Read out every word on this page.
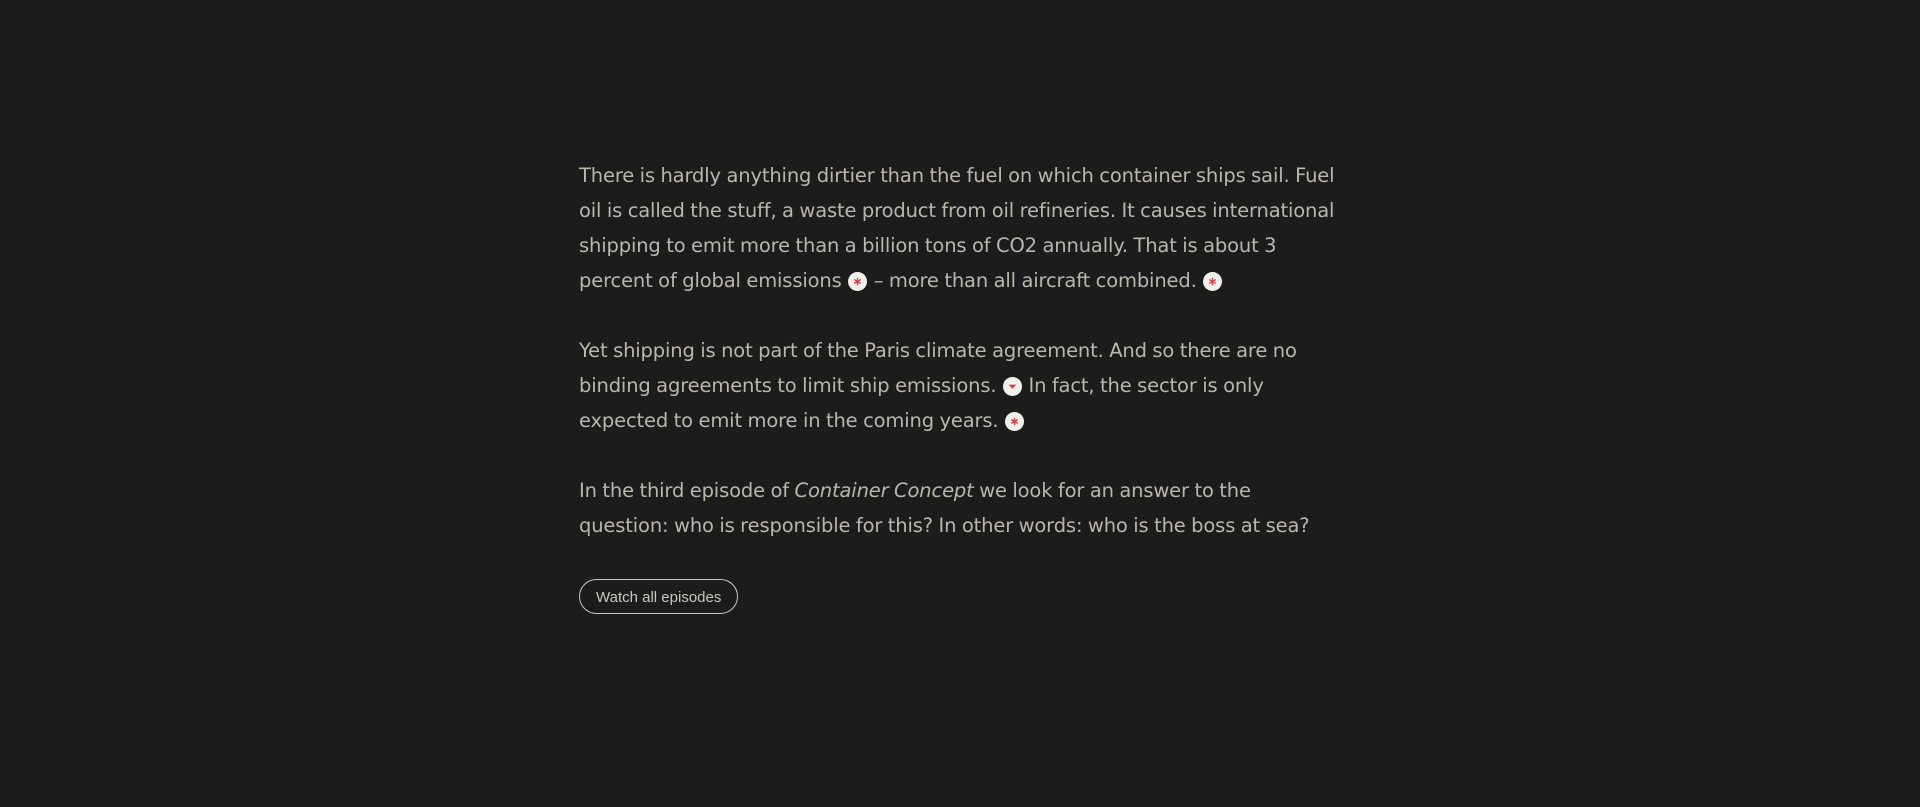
There is hardly anything dirtier than the fuel on which container ships sail. Fuel oil is called the stuff, a waste product from oil refineries. It causes international shipping to emit more than a billion tons of CO2 annually. That is about 3 percent of global emissions
– more than all aircraft combined.

Yet shipping is not part of the Paris climate agreement. And so there are no binding agreements to limit ship emissions.
In fact, the sector is only expected to emit more in the coming years.

In the third episode of Container Concept we look for an answer to the question: who is responsible for this? In other words: who is the boss at sea?

Watch all episodes
